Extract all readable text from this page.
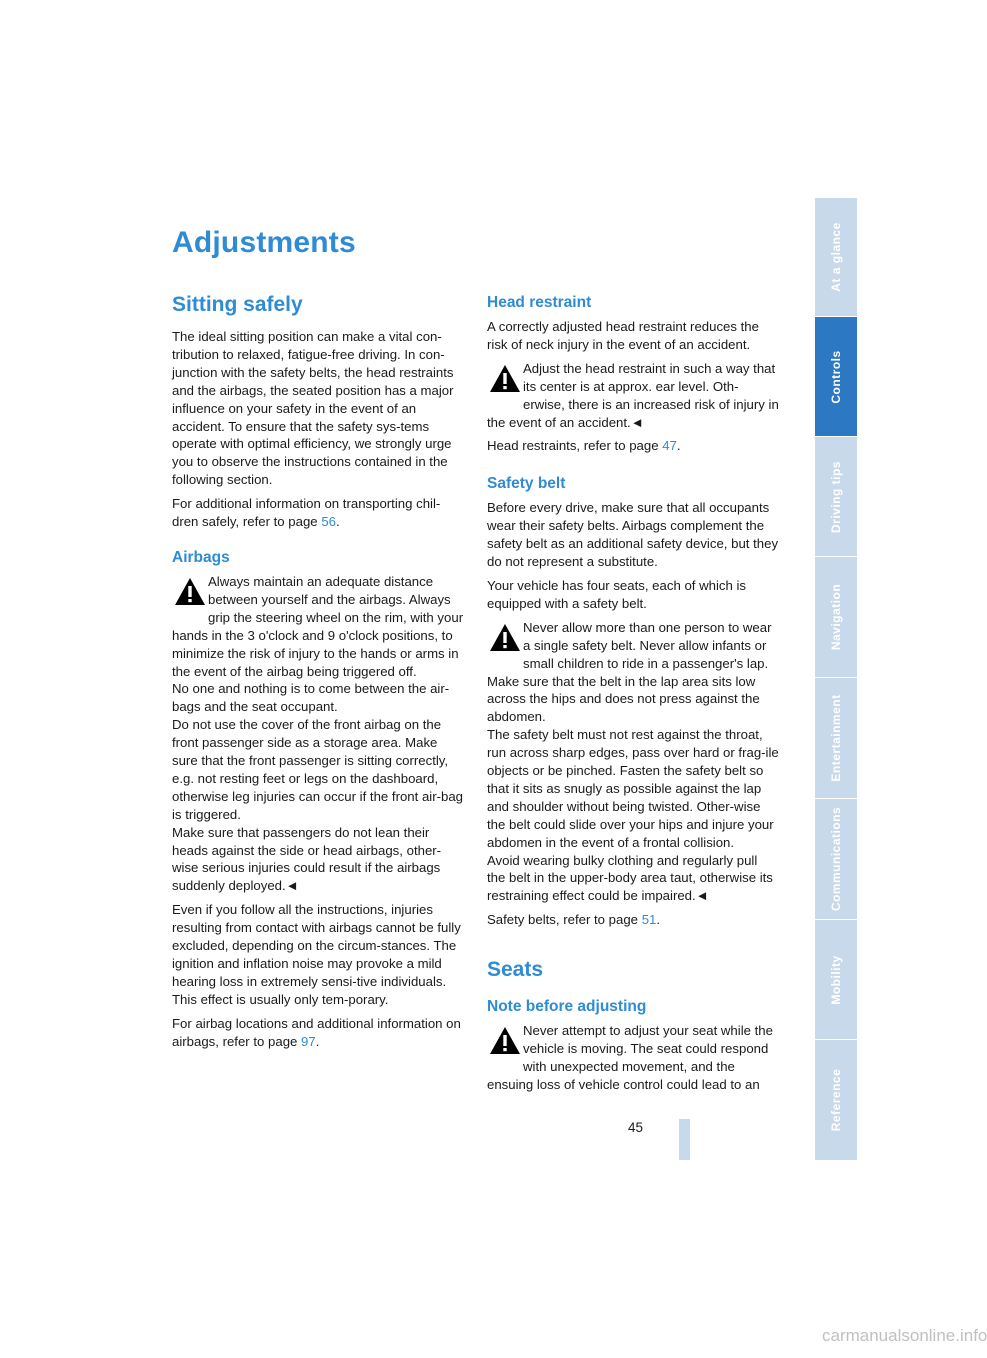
Adjustments
Sitting safely

The ideal sitting position can make a vital con-tribution to relaxed, fatigue-free driving. In con-junction with the safety belts, the head restraints and the airbags, the seated position has a major influence on your safety in the event of an accident. To ensure that the safety sys-tems operate with optimal efficiency, we strongly urge you to observe the instructions contained in the following section.

For additional information on transporting chil-dren safely, refer to page 56.

Airbags

Always maintain an adequate distance between yourself and the airbags. Always grip the steering wheel on the rim, with your hands in the 3 o'clock and 9 o'clock positions, to minimize the risk of injury to the hands or arms in the event of the airbag being triggered off.

No one and nothing is to come between the air-bags and the seat occupant.

Do not use the cover of the front airbag on the front passenger side as a storage area. Make sure that the front passenger is sitting correctly, e.g. not resting feet or legs on the dashboard, otherwise leg injuries can occur if the front air-bag is triggered.

Make sure that passengers do not lean their heads against the side or head airbags, other-wise serious injuries could result if the airbags suddenly deployed.◄

Even if you follow all the instructions, injuries resulting from contact with airbags cannot be fully excluded, depending on the circum-stances. The ignition and inflation noise may provoke a mild hearing loss in extremely sensi-tive individuals. This effect is usually only tem-porary.

For airbag locations and additional information on airbags, refer to page 97.

Head restraint

A correctly adjusted head restraint reduces the risk of neck injury in the event of an accident.

Adjust the head restraint in such a way that its center is at approx. ear level. Oth-erwise, there is an increased risk of injury in the event of an accident.◄

Head restraints, refer to page 47.

Safety belt

Before every drive, make sure that all occupants wear their safety belts. Airbags complement the safety belt as an additional safety device, but they do not represent a substitute.

Your vehicle has four seats, each of which is equipped with a safety belt.

Never allow more than one person to wear a single safety belt. Never allow infants or small children to ride in a passenger's lap. Make sure that the belt in the lap area sits low across the hips and does not press against the abdomen.

The safety belt must not rest against the throat, run across sharp edges, pass over hard or frag-ile objects or be pinched. Fasten the safety belt so that it sits as snugly as possible against the lap and shoulder without being twisted. Other-wise the belt could slide over your hips and injure your abdomen in the event of a frontal collision.

Avoid wearing bulky clothing and regularly pull the belt in the upper-body area taut, otherwise its restraining effect could be impaired.◄

Safety belts, refer to page 51.

Seats
Note before adjusting

Never attempt to adjust your seat while the vehicle is moving. The seat could respond with unexpected movement, and the ensuing loss of vehicle control could lead to an

At a glance
Controls
Driving tips
Navigation
Entertainment
Communications
Mobility
Reference
45
carmanualsonline.info
